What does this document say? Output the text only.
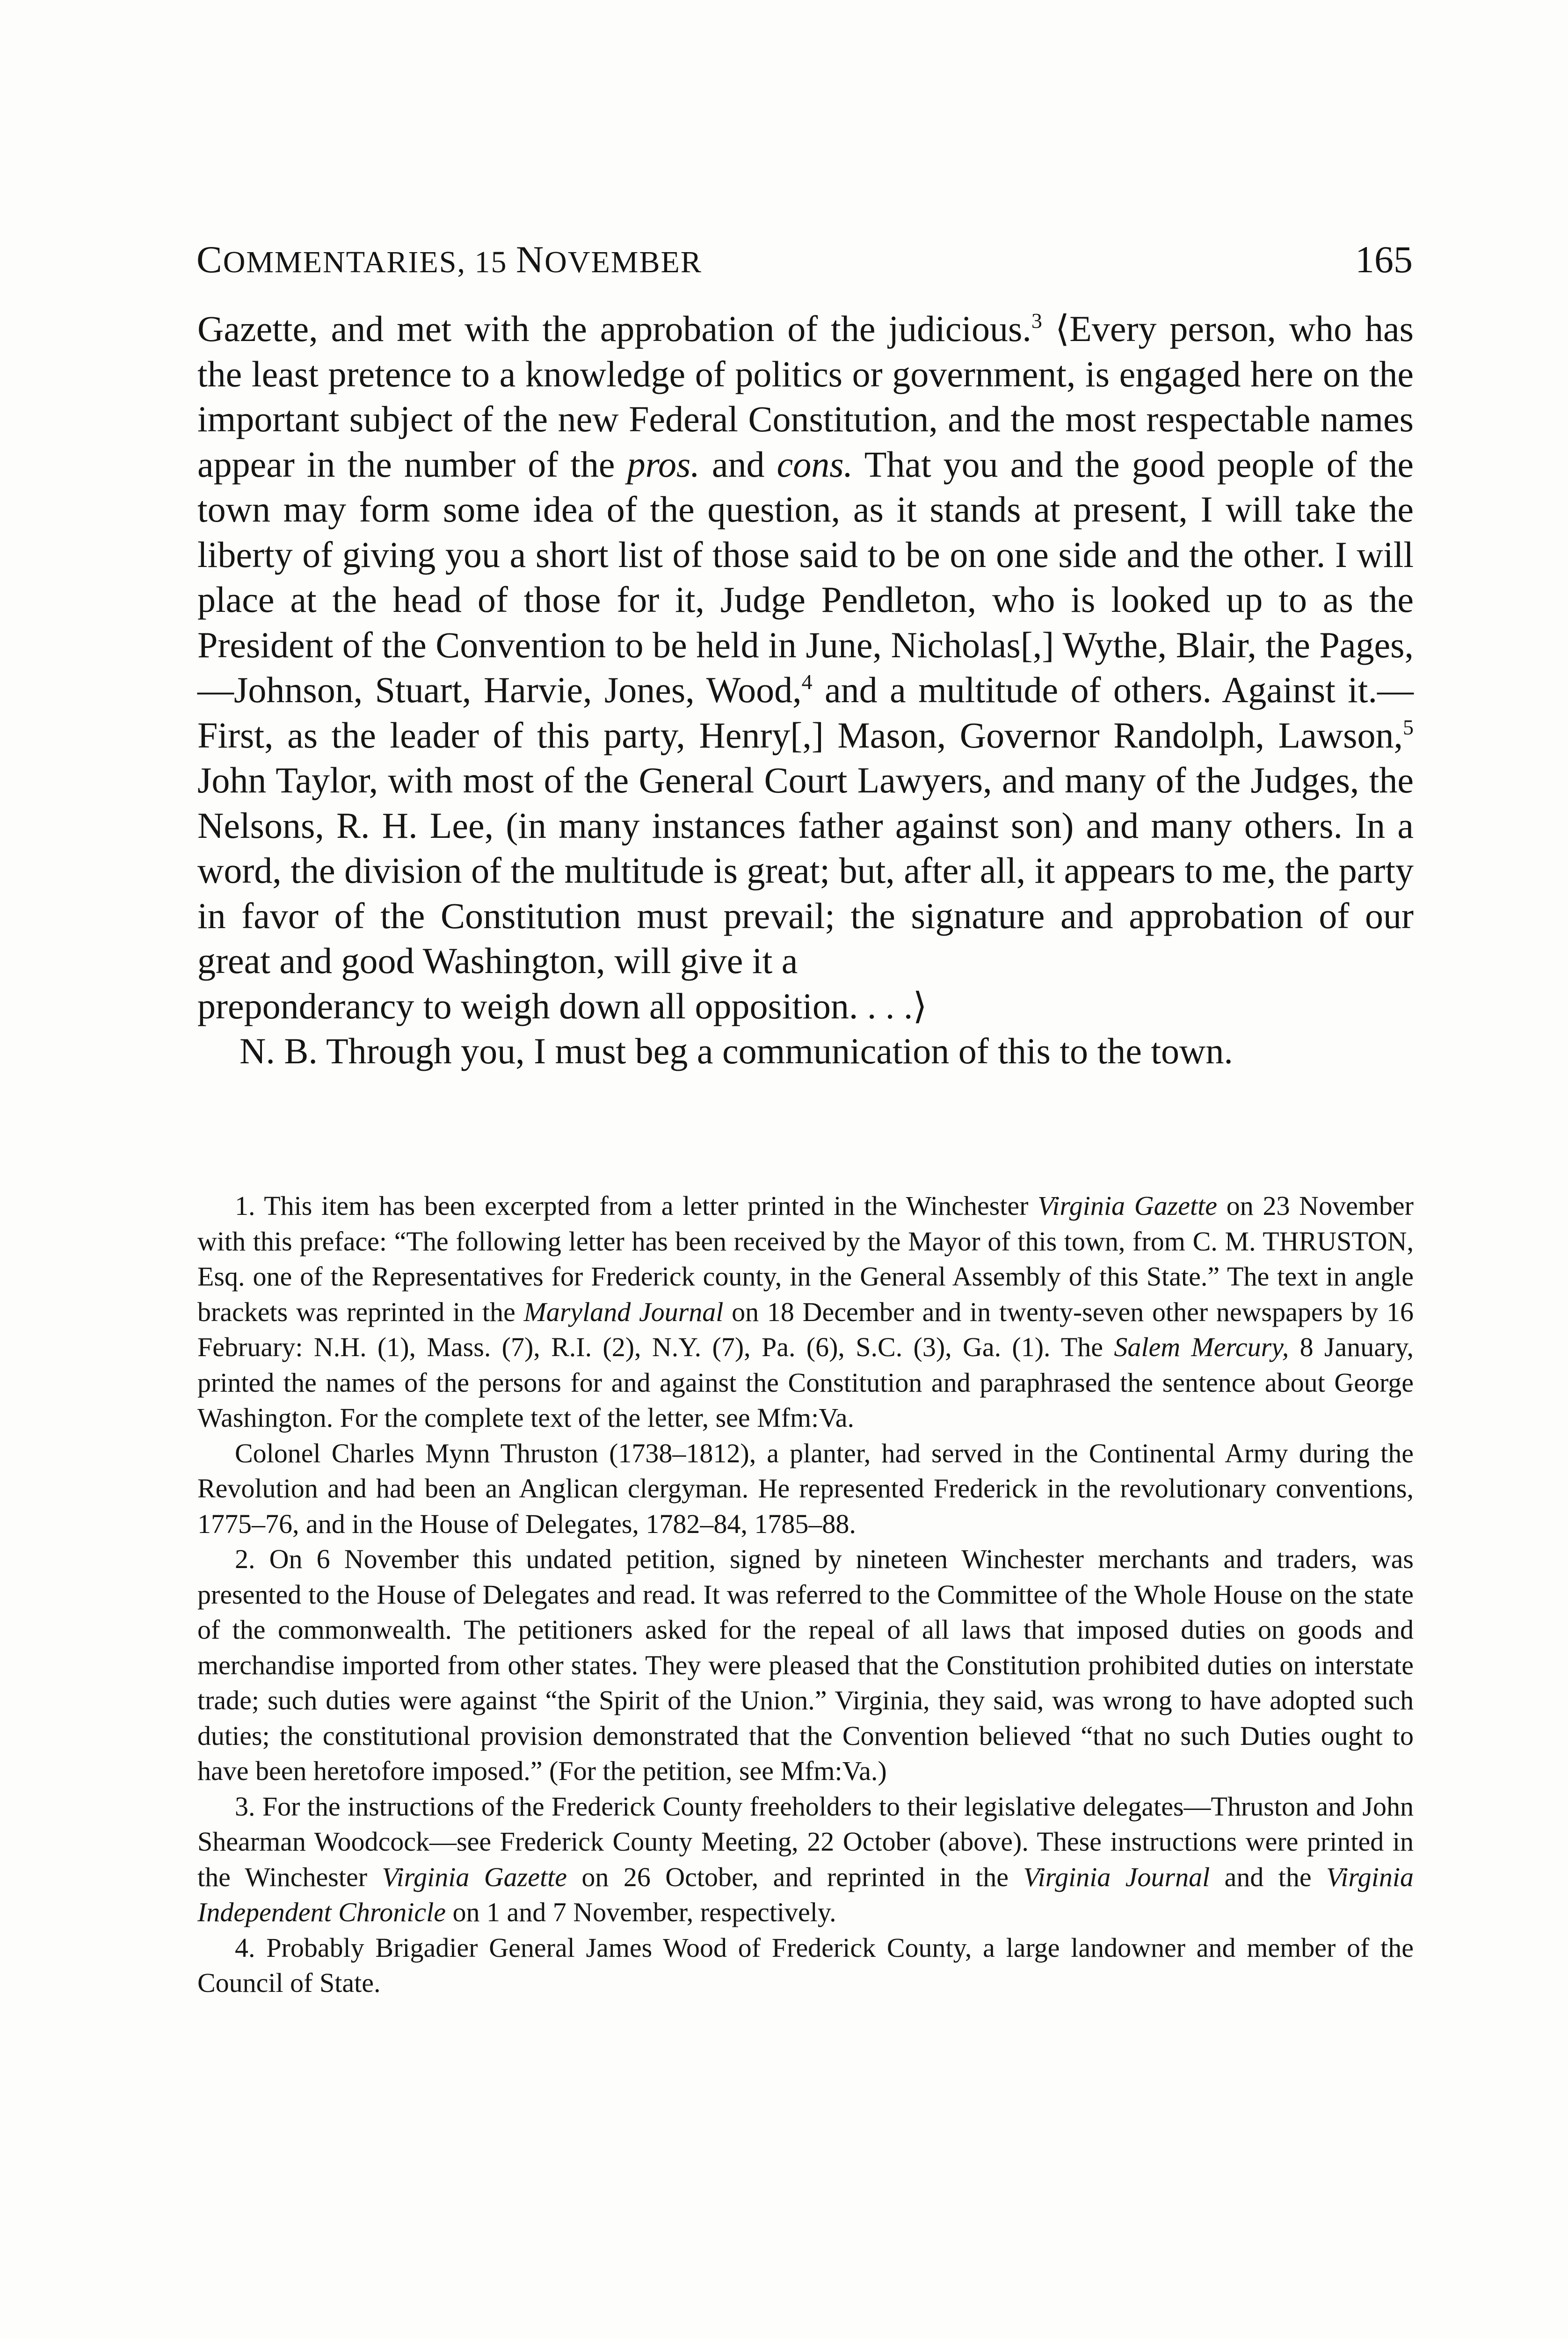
COMMENTARIES, 15 NOVEMBER	165

Gazette, and met with the approbation of the judicious.$^3$ ⟨Every person, who has the least pretence to a knowledge of politics or government, is engaged here on the important subject of the new Federal Constitution, and the most respectable names appear in the number of the pros. and cons. That you and the good people of the town may form some idea of the question, as it stands at present, I will take the liberty of giving you a short list of those said to be on one side and the other. I will place at the head of those for it, Judge Pendleton, who is looked up to as the President of the Convention to be held in June, Nicholas[,] Wythe, Blair, the Pages,—Johnson, Stuart, Harvie, Jones, Wood,$^4$ and a multitude of others. Against it.—First, as the leader of this party, Henry[,] Mason, Governor Randolph, Lawson,$^5$ John Taylor, with most of the General Court Lawyers, and many of the Judges, the Nelsons, R. H. Lee, (in many instances father against son) and many others. In a word, the division of the multitude is great; but, after all, it appears to me, the party in favor of the Constitution must prevail; the signature and approbation of our great and good Washington, will give it a

preponderancy to weigh down all opposition. . . .⟩

N. B. Through you, I must beg a communication of this to the town.

1. This item has been excerpted from a letter printed in the Winchester Virginia Gazette on 23 November with this preface: “The following letter has been received by the Mayor of this town, from C. M. THRUSTON, Esq. one of the Representatives for Frederick county, in the General Assembly of this State.” The text in angle brackets was reprinted in the Maryland Journal on 18 December and in twenty-seven other newspapers by 16 February: N.H. (1), Mass. (7), R.I. (2), N.Y. (7), Pa. (6), S.C. (3), Ga. (1). The Salem Mercury, 8 January, printed the names of the persons for and against the Constitution and paraphrased the sentence about George Washington. For the complete text of the letter, see Mfm:Va.

Colonel Charles Mynn Thruston (1738–1812), a planter, had served in the Continental Army during the Revolution and had been an Anglican clergyman. He represented Frederick in the revolutionary conventions, 1775–76, and in the House of Delegates, 1782–84, 1785–88.

2. On 6 November this undated petition, signed by nineteen Winchester merchants and traders, was presented to the House of Delegates and read. It was referred to the Committee of the Whole House on the state of the commonwealth. The petitioners asked for the repeal of all laws that imposed duties on goods and merchandise imported from other states. They were pleased that the Constitution prohibited duties on interstate trade; such duties were against “the Spirit of the Union.” Virginia, they said, was wrong to have adopted such duties; the constitutional provision demonstrated that the Convention believed “that no such Duties ought to have been heretofore imposed.” (For the petition, see Mfm:Va.)

3. For the instructions of the Frederick County freeholders to their legislative delegates—Thruston and John Shearman Woodcock—see Frederick County Meeting, 22 October (above). These instructions were printed in the Winchester Virginia Gazette on 26 October, and reprinted in the Virginia Journal and the Virginia Independent Chronicle on 1 and 7 November, respectively.

4. Probably Brigadier General James Wood of Frederick County, a large landowner and member of the Council of State.
